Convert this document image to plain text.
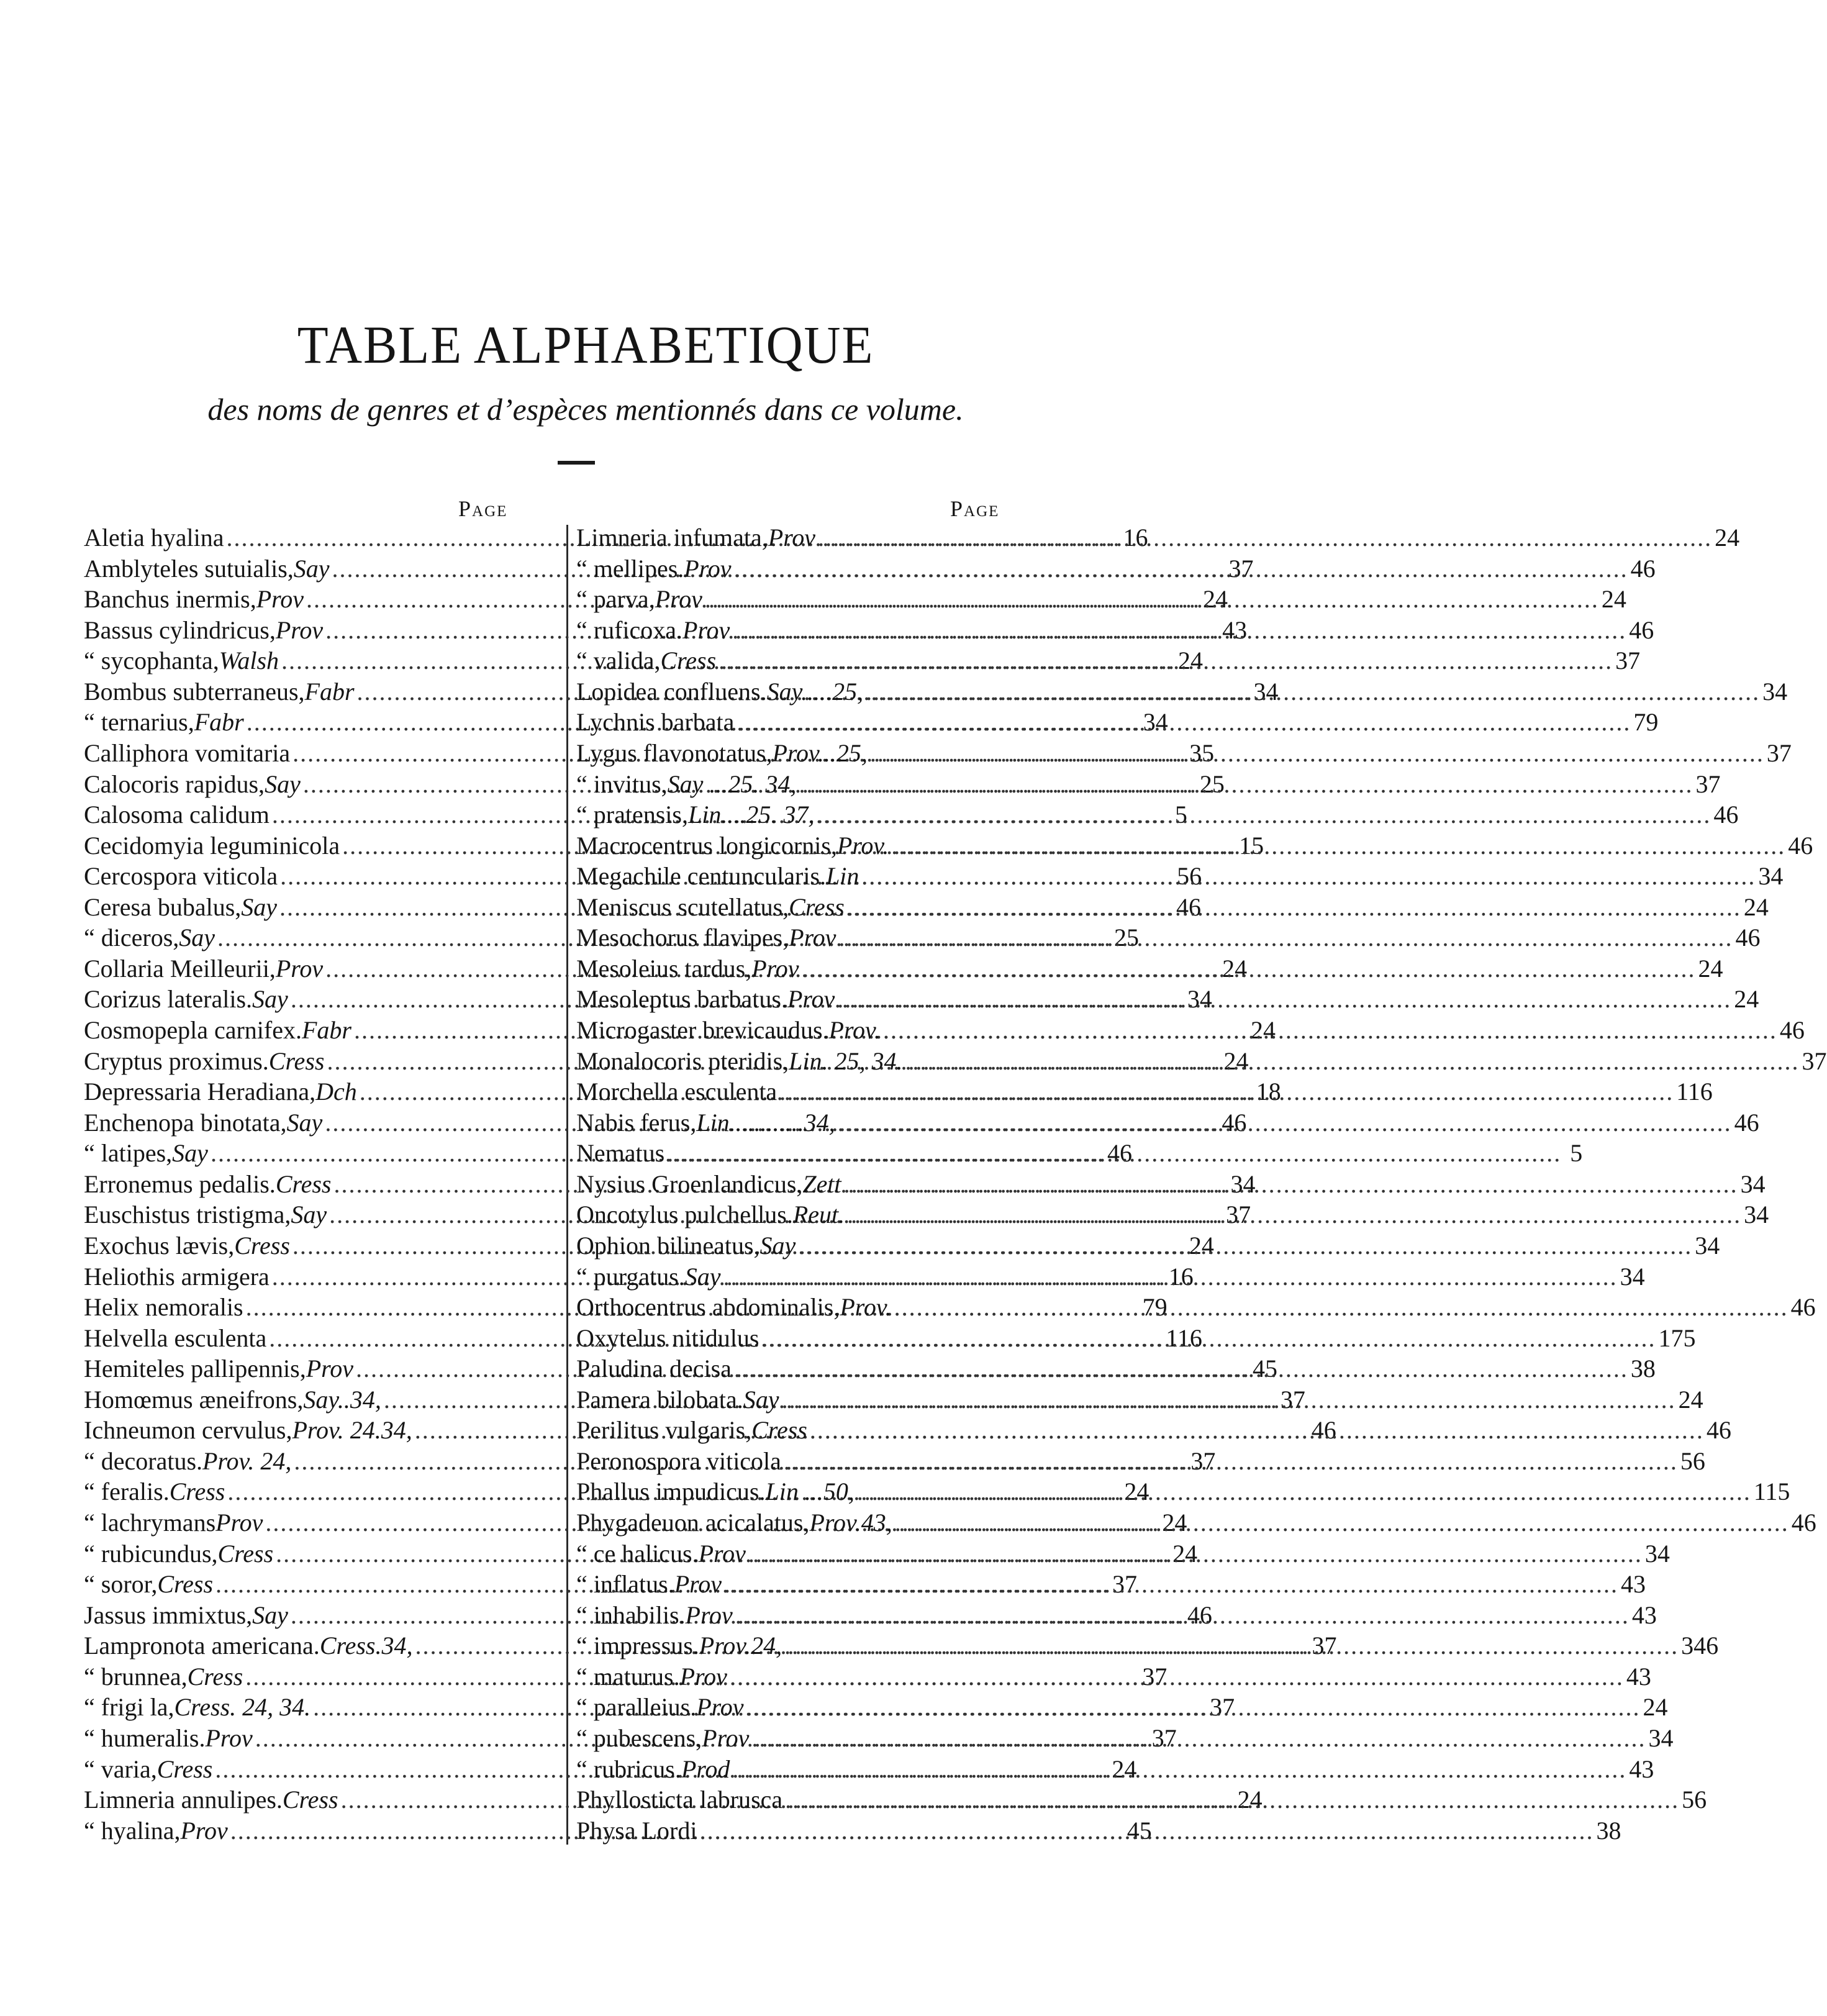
TABLE ALPHABETIQUE
des noms de genres et d’espèces mentionnés dans ce volume.
Page	Page
Aletia hyalina .....	16
Amblyteles sutuialis, Say .....	37
Banchus inermis, Prov .....	24
Bassus cylindricus, Prov .....	43
“ sycophanta, Walsh .....	24
Bombus subterraneus, Fabr .....	34
“ ternarius, Fabr .....	34
Calliphora vomitaria .....	35
Calocoris rapidus, Say .....	25
Calosoma calidum .....	5
Cecidomyia leguminicola .....	15
Cercospora viticola .....	56
Ceresa bubalus, Say .....	46
“ diceros, Say .....	25
Collaria Meilleurii, Prov .....	24
Corizus lateralis. Say .....	34
Cosmopepla carnifex. Fabr .....	24
Cryptus proximus. Cress .....	24
Depressaria Heradiana, Dch .....	18
Enchenopa binotata, Say .....	46
“ latipes, Say .....	46
Erronemus pedalis. Cress .....	34
Euschistus tristigma, Say .....	37
Exochus lævis, Cress .....	24
Heliothis armigera .....	16
Helix nemoralis .....	79
Helvella esculenta .....	116
Hemiteles pallipennis, Prov .....	45
Homœmus æneifrons, Say..34, .....	37
Ichneumon cervulus, Prov. 24.34, .....	46
“ decoratus. Prov. 24, .....	37
“ feralis. Cress .....	24
“ lachrymans Prov .....	24
“ rubicundus, Cress .....	24
“ soror, Cress .....	37
Jassus immixtus, Say .....	46
Lampronota americana. Cress.34, .....	37
“ brunnea, Cress .....	37
“ frigi la, Cress. 24, 34. .....	37
“ humeralis. Prov .....	37
“ varia, Cress .....	24
Limneria annulipes. Cress .....	24
“ hyalina, Prov .....	45
Limneria infumata, Prov .....	24
“ mellipes. Prov .....	46
“ parva, Prov .....	24
“ ruficoxa. Prov .....	46
“ valida, Cress .....	37
Lopidea confluens. Say.....25, .....	34
Lychnis barbata .....	79
Lygus flavonotatus, Prov...25, .....	37
“ invitus, Say ...25. 34, .....	37
“ pratensis, Lin....25. 37, .....	46
Macrocentrus longicornis, Prov. .....	46
Megachile centuncularis. Lin .....	34
Meniscus scutellatus, Cress .....	24
Mesochorus flavipes, Prov .....	46
Mesoleius tardus, Prov .....	24
Mesoleptus barbatus. Prov .....	24
Microgaster brevicaudus. Prov. .....	46
Monalocoris pteridis, Lin. 25, 34. .....	37
Morchella esculenta .....	116
Nabis ferus, Lin............34, .....	46
Nematus .....	5
Nysius Groenlandicus, Zett .....	34
Oncotylus pulchellus. Reut. .....	34
Ophion bilineatus, Say .....	34
“ purgatus. Say .....	34
Orthocentrus abdominalis, Prov. .....	46
Oxytelus nitidulus .....	175
Paludina decisa .....	38
Pamera bilobata. Say .....	24
Perilitus vulgaris, Cress .....	46
Peronospora viticola .....	56
Phallus impudicus. Lin ...50, .....	115
Phygadeuon acicalatus, Prov.43, .....	46
“ ce halicus. Prov .....	34
“ inflatus. Prov .....	43
“ inhabilis. Prov .....	43
“ impressus. Prov.24, .....	346
“ maturus. Prov .....	43
“ paralleius. Prov .....	24
“ pubescens, Prov .....	34
“ rubricus. Prod .....	43
Phyllosticta labrusca .....	56
Physa Lordi .....	38
